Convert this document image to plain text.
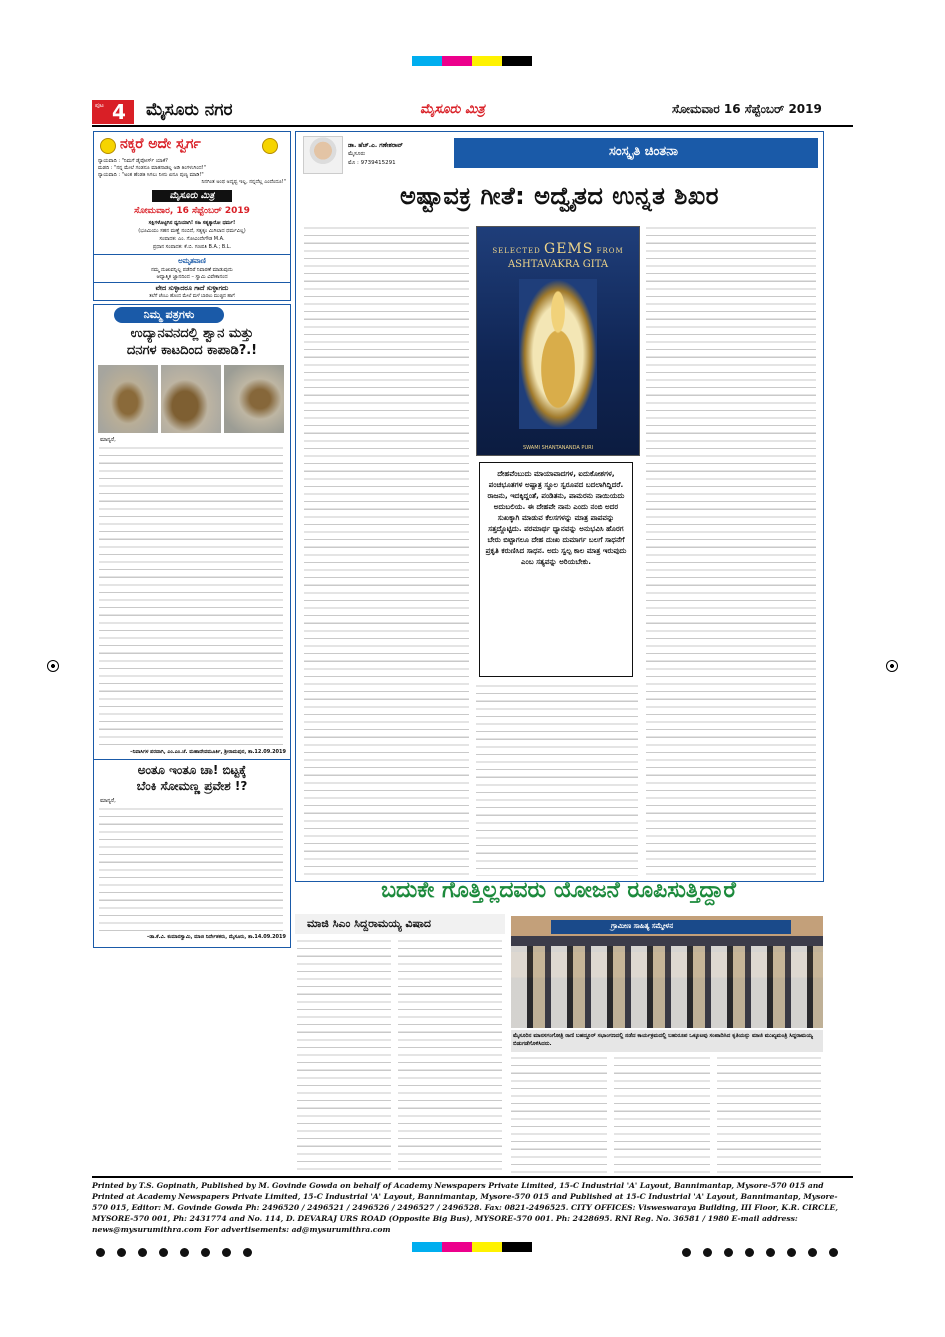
ಪುಟ 4 ಮೈಸೂರು ನಗರ	ಮೈಸೂರು ಮಿತ್ರ	ಸೋಮವಾರ 16 ಸೆಪ್ಟೆಂಬರ್ 2019
ನಕ್ಕರೆ ಅದೇ ಸ್ವರ್ಗ
ನ್ಯಾಯವಾದಿ : "ನಿಮಗೆ ಡೈವೋರ್ಸ್ ಯಾಕೆ?
ಮಡದಿ : "ನನ್ನ ಮೇಲೆ ಗಂಡನೂ ಮಾತನಾಡಲ್ಲ ಅಡಿ ತಿಂಗಳುಗಿಂದ!"
ನ್ಯಾಯವಾದಿ : "ಅಂತ ಹೆಂಡತಿ ಸಿಗಲು ನೀನು ಏನೂ ಪುಣ್ಯ ಮಾಡಿ!"
ನಿನಗಿಂತ ಅಂಥ ಅದೃಷ್ಟ ಇಲ್ಲ, ನನ್ನದೆಲ್ಲ ಎಂದೆಂದೂ!"
ಮೈಸೂರು ಮಿತ್ರ
ಸೋಮವಾರ, 16 ಸೆಪ್ಟೆಂಬರ್ 2019
ಸಕ್ಷಿಗಳೊಟ್ಟಿಗಿನ ಧ್ವನಿಯಾಗಿ! ಸಹಿ ಸತ್ಯಕ್ಕಾರೋ ಧರ್ಮ!
(ಭೂಮಿಯು ಸಹನ ಮಣ್ಣೆ ನಂಬಿದೆ, ಸತ್ಯಕ್ಕಂ ಮಿಗಿಲಾದ ಧರ್ಮವಿಲ್ಲ)
ಸಂಪಾದಕ: ಎಂ. ಗೋವಿಂದೇಗೌಡ M.A.
ಪ್ರಧಾನ ಸಂಪಾದಕ: ಕೆ.ಬಿ. ಗಣಪತಿ B.A.; B.L.
ಅಮೃತವಾಣಿ
ನಮ್ಮ ದುಃಖವನ್ನಿಲ್ಲ ಪಡೆದಿರೆ ನಿವಾರಣೆ ಮಾಡುವುದು
ಆಧ್ಯಾತ್ಮಿಕ ಜ್ಞಾನದಿಂದ – ಸ್ವಾಮಿ ವಿವೇಕಾನಂದ
ವೇದ ಸುಳ್ಳಾದರೂ ಗಾದೆ ಸುಳ್ಳಾಗದು
ತಲೆಗೆ ಚೆಂಬು ಹೊಂದ ಮೇಲೆ ಮಳೆ ಬಾರಲು ಮುಚ್ಚಿದ ಹಾಗೆ
ನಿಮ್ಮ ಪತ್ರಗಳು
ಉದ್ಯಾನವನದಲ್ಲಿ ಶ್ವಾನ ಮತ್ತು
ದನಗಳ ಕಾಟದಿಂದ ಕಾಪಾಡಿ?.!
ಮಾನ್ಯರೆ,
–ನಿವಾಸಿಗಳ ಪರವಾಗಿ, ಎಂ.ಎಂ.ಜೆ. ಮಹಾದೇವಮೂರ್ತಿ, ಶ್ರೀರಾಮಪುರ, ತಾ.12.09.2019
ಅಂತೂ ಇಂತೂ ಚಾ! ಬಿಟ್ಟಕ್ಕೆ
ಬೆಂಕಿ ಸೋಮಣ್ಣ ಪ್ರವೇಶ !?
ಮಾನ್ಯರೆ,
–ಡಾ.ಕೆ.ವಿ. ಕುಮಾರಸ್ವಾಮಿ, ಮಾಜಿ ನಿರ್ದೇಶಕರು, ಮೈಸೂರು, ತಾ.14.09.2019
ಡಾ. ಹೆಚ್.ಎ. ಗಣೇಶರಾವ್
ಮೈಸೂರು
ಮೊ : 9739415291
ಸಂಸ್ಕೃತಿ ಚಿಂತನಾ
ಅಷ್ಟಾವಕ್ರ ಗೀತೆ: ಅದ್ವೈತದ ಉನ್ನತ ಶಿಖರ
SELECTED GEMS FROM
ASHTAVAKRA GITA
SWAMI SHANTANANDA PURI
ದೇಹವೆಂಬುದು ಮಾಯಾವಾದಗಳ, ಐದುಕೋಶಗಳ, ಪಂಚಭೂತಗಳ ಅಷ್ಟಾತ್ರ ಸ್ಥೂಲ ಸ್ವರೂಪದ ಬದಲಾಗಿದ್ದಿದರೆ. ರಾಜನು, ಇದಕ್ಕಿದ್ದಂತೆ, ಪಂಡಿತನು, ಪಾಮರನು ನಾಯಿಯದು ಅದುಬಲಿಯ. ಈ ದೇಹವೇ ನಾನು ಎಂದು ನಂಬಿ ಅದರ ಸುಖಕ್ಕಾಗಿ ಮಾಡುವ ಕೆಲಸಗಳನ್ನು ಮಾತ್ರ ಪಾಪವನ್ನು ಸತ್ತದ್ದೊಟ್ಟಿದು. ಪರಮಾರ್ಥ ಧ್ಯಾನವನ್ನು ಅನುಭವಿಸಿ ಹೊರಗ ಬೇರು ಬಿಟ್ಟಾಗಲೂ ದೇಹ ದುಃಖ ದುಮಾರ್ಗ ಬಲಗೆ ಸಾಧನೆಗೆ ಪ್ರಕೃತಿ ಕರುಣಿಸಿದ ಸಾಧನ. ಅದು ಸ್ವಲ್ಪ ಕಾಲ ಮಾತ್ರ ಇರುವುದು ಎಂಬ ಸತ್ಯವನ್ನು ಅರಿಯಬೇಕು.
ಬದುಕೇ ಗೊತ್ತಿಲ್ಲದವರು ಯೋಜನೆ ರೂಪಿಸುತ್ತಿದ್ದಾರೆ
ಮಾಜಿ ಸಿಎಂ ಸಿದ್ದರಾಮಯ್ಯ ವಿಷಾದ	ಗ್ರಾಮೀಣ ಸಾಹಿತ್ಯ ಸಮ್ಮೇಳನ
ಮೈಸೂರಿನ ಮಾನಸಗಂಗೋತ್ರಿ ರಾಣಿ ಬಹದ್ದೂರ್ ಸಭಾಂಗಣದಲ್ಲಿ ನಡೆದ ಕಾರ್ಯಕ್ರಮದಲ್ಲಿ ಬಹುರೂಪ ಒಕ್ಕೂಟವು ಸಂಪಾದಿಸಿದ ಕೃತಿಯನ್ನು ಮಾಜಿ ಮುಖ್ಯಮಂತ್ರಿ ಸಿದ್ದರಾಮಯ್ಯ ಬಿಡುಗಡೆಗೊಳಿಸಿದರು.
Printed by T.S. Gopinath, Published by M. Govinde Gowda on behalf of Academy Newspapers Private Limited, 15-C Industrial 'A' Layout, Bannimantap, Mysore-570 015 and Printed at Academy Newspapers Private Limited, 15-C Industrial 'A' Layout, Bannimantap, Mysore-570 015 and Published at 15-C Industrial 'A' Layout, Bannimantap, Mysore-570 015, Editor: M. Govinde Gowda Ph: 2496520 / 2496521 / 2496526 / 2496527 / 2496528. Fax: 0821-2496525. CITY OFFICES: Visweswaraya Building, III Floor, K.R. CIRCLE, MYSORE-570 001, Ph: 2431774 and No. 114, D. DEVARAJ URS ROAD (Opposite Big Bus), MYSORE-570 001. Ph: 2428695. RNI Reg. No. 36581 / 1980 E-mail address: news@mysurumithra.com For advertisements: ad@mysurumithra.com
